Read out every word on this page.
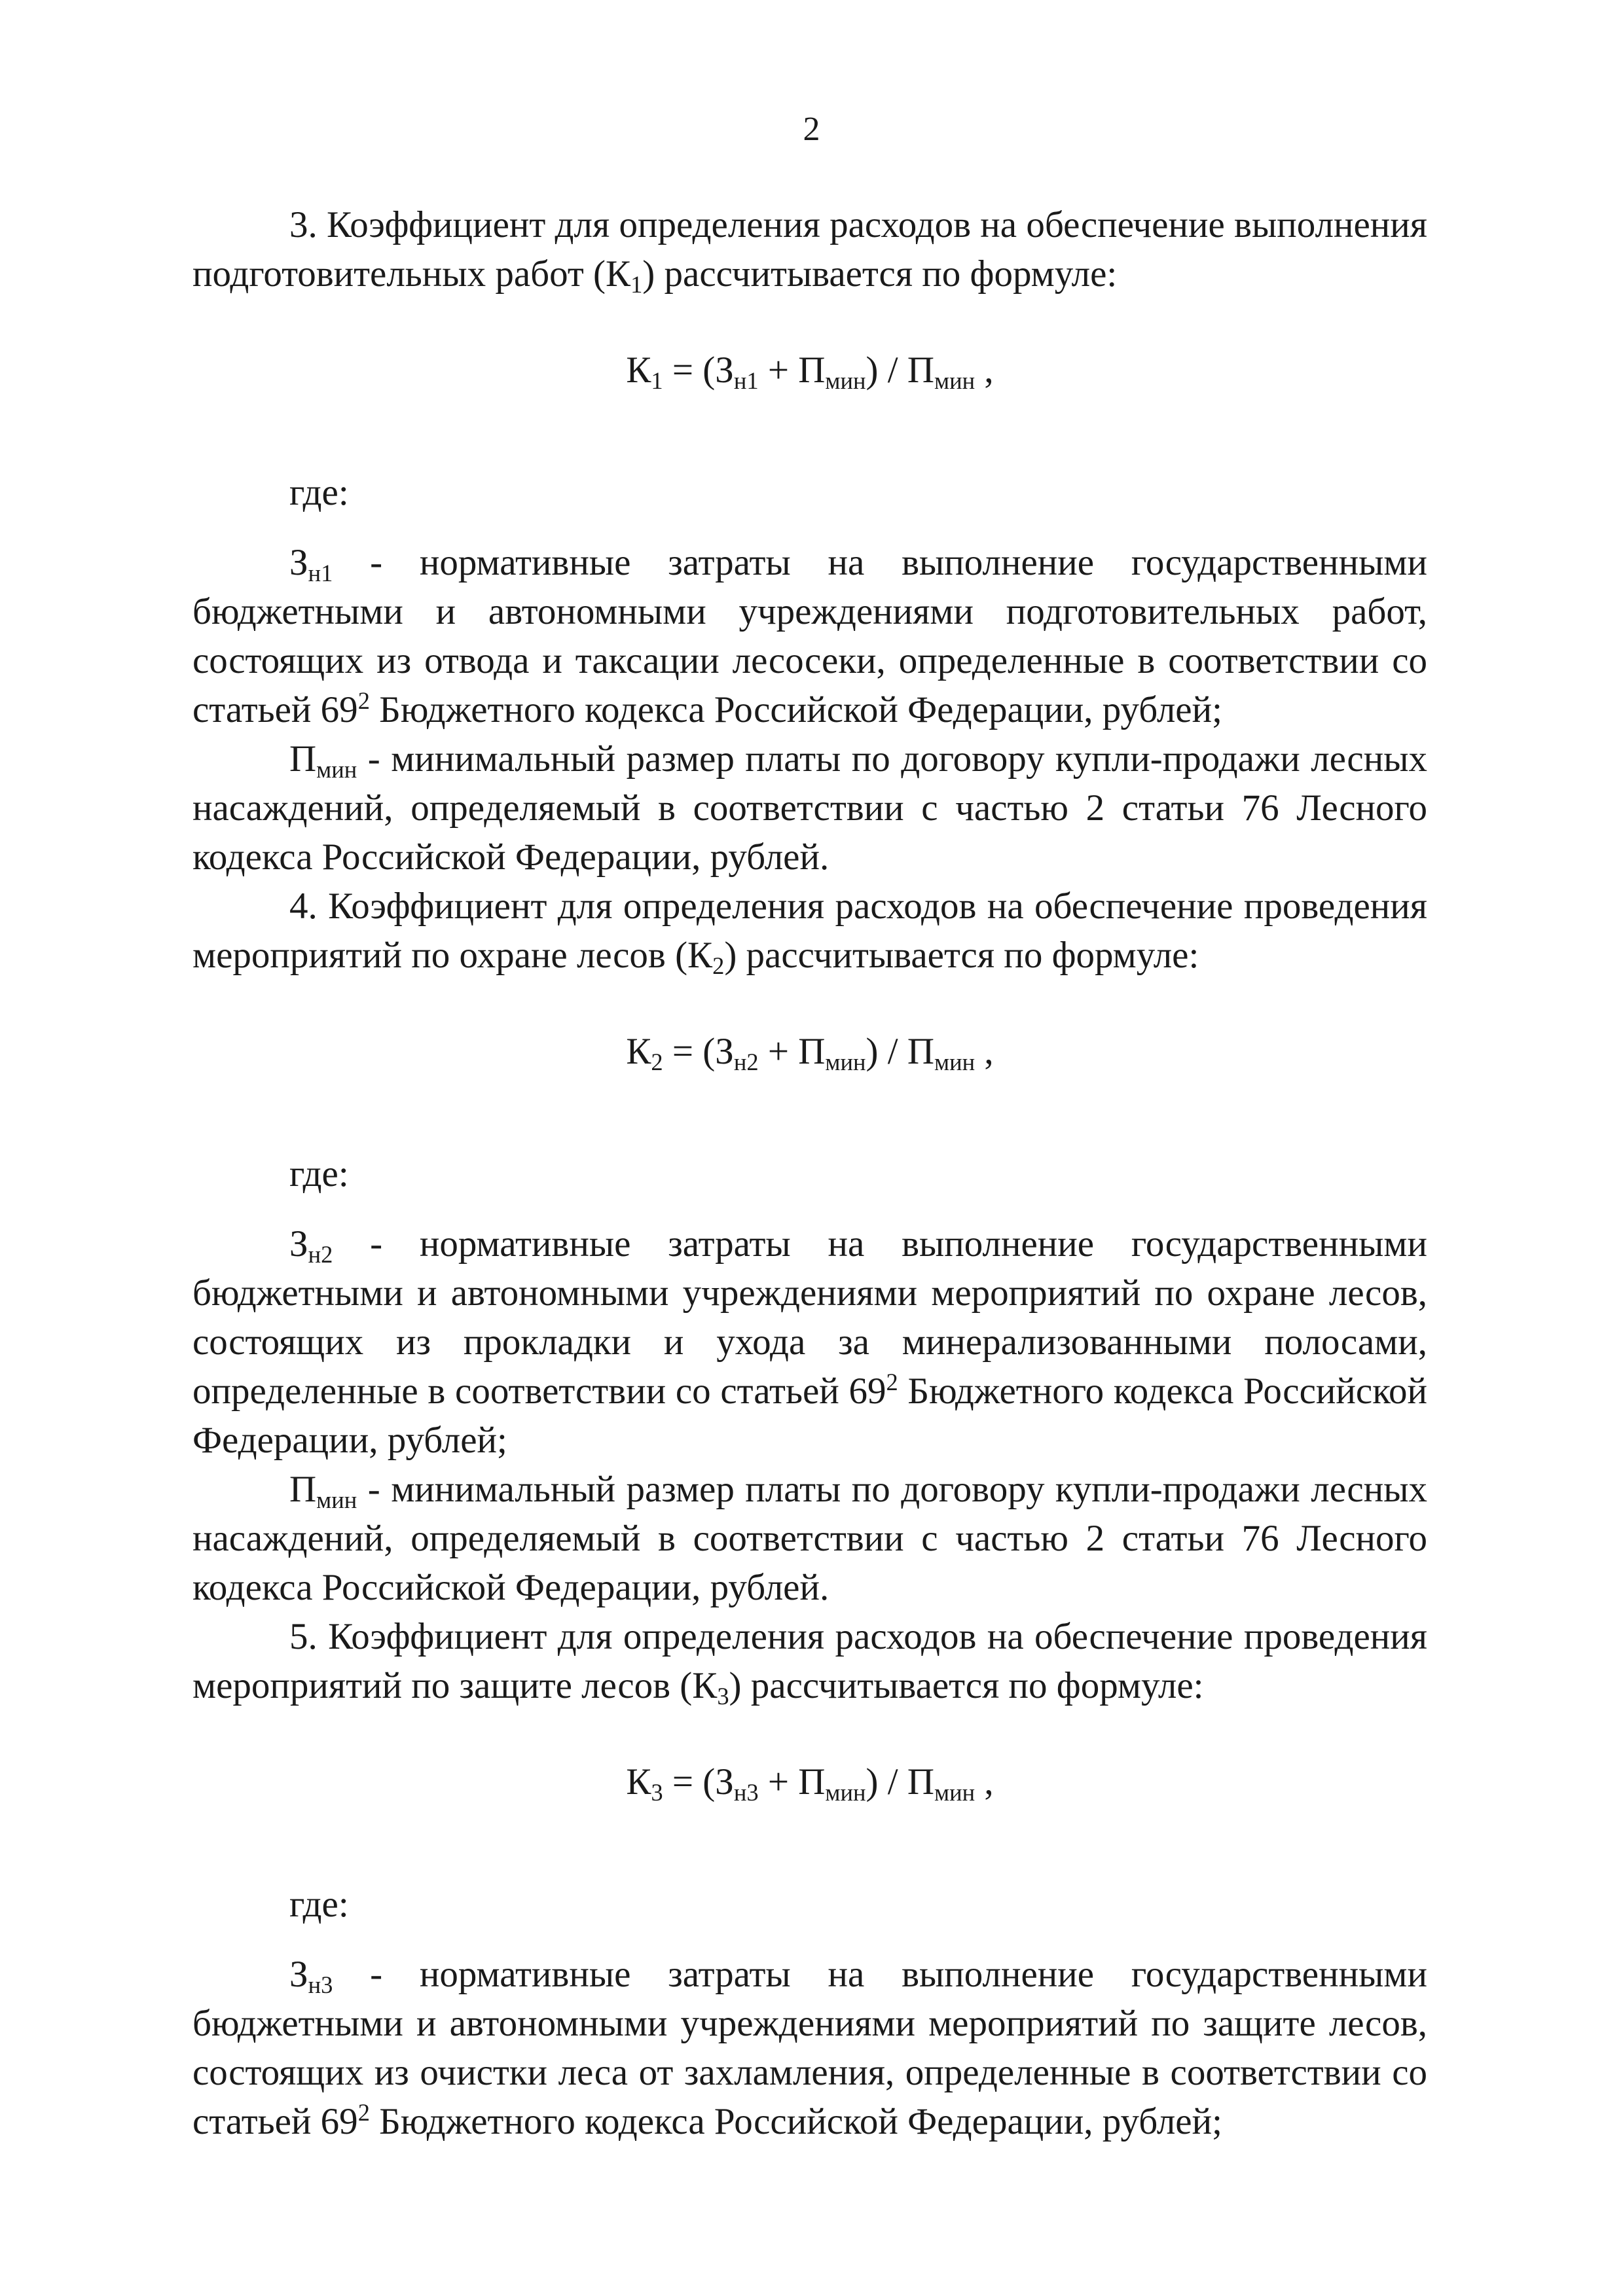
2

3. Коэффициент для определения расходов на обеспечение выполнения подготовительных работ $(К_1)$ рассчитывается по формуле:

$К_1 = (З_{н1} + П_{мин}) / П_{мин}$ ,

где:

$З_{н1}$ - нормативные затраты на выполнение государственными бюджетными и автономными учреждениями подготовительных работ, состоящих из отвода и таксации лесосеки, определенные в соответствии со статьей $69^2$ Бюджетного кодекса Российской Федерации, рублей;

$П_{мин}$ - минимальный размер платы по договору купли-продажи лесных насаждений, определяемый в соответствии с частью 2 статьи 76 Лесного кодекса Российской Федерации, рублей.

4. Коэффициент для определения расходов на обеспечение проведения мероприятий по охране лесов $(К_2)$ рассчитывается по формуле:

$К_2 = (З_{н2} + П_{мин}) / П_{мин}$ ,

где:

$З_{н2}$ - нормативные затраты на выполнение государственными бюджетными и автономными учреждениями мероприятий по охране лесов, состоящих из прокладки и ухода за минерализованными полосами, определенные в соответствии со статьей $69^2$ Бюджетного кодекса Российской Федерации, рублей;

$П_{мин}$ - минимальный размер платы по договору купли-продажи лесных насаждений, определяемый в соответствии с частью 2 статьи 76 Лесного кодекса Российской Федерации, рублей.

5. Коэффициент для определения расходов на обеспечение проведения мероприятий по защите лесов $(К_3)$ рассчитывается по формуле:

$К_3 = (З_{н3} + П_{мин}) / П_{мин}$ ,

где:

$З_{н3}$ - нормативные затраты на выполнение государственными бюджетными и автономными учреждениями мероприятий по защите лесов, состоящих из очистки леса от захламления, определенные в соответствии со статьей $69^2$ Бюджетного кодекса Российской Федерации, рублей;
